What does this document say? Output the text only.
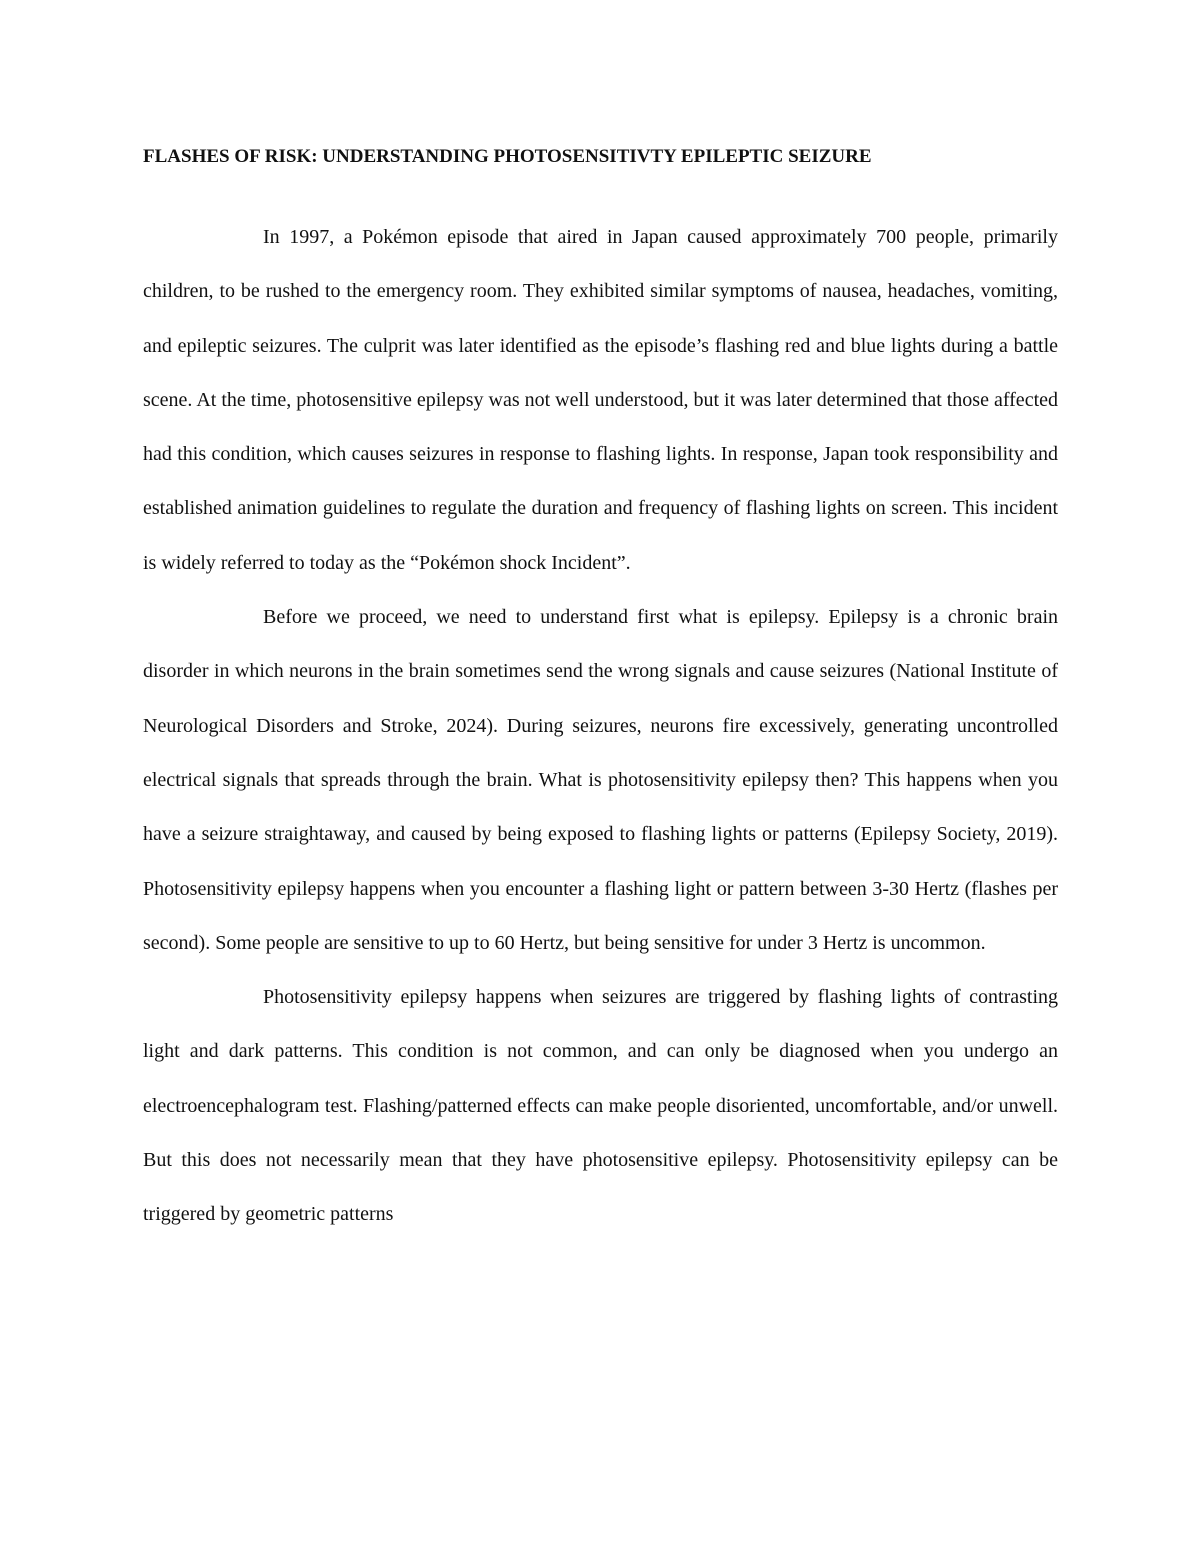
FLASHES OF RISK: UNDERSTANDING PHOTOSENSITIVTY EPILEPTIC SEIZURE

In 1997, a Pokémon episode that aired in Japan caused approximately 700 people, primarily children, to be rushed to the emergency room. They exhibited similar symptoms of nausea, headaches, vomiting, and epileptic seizures. The culprit was later identified as the episode’s flashing red and blue lights during a battle scene. At the time, photosensitive epilepsy was not well understood, but it was later determined that those affected had this condition, which causes seizures in response to flashing lights. In response, Japan took responsibility and established animation guidelines to regulate the duration and frequency of flashing lights on screen. This incident is widely referred to today as the “Pokémon shock Incident”.

Before we proceed, we need to understand first what is epilepsy. Epilepsy is a chronic brain disorder in which neurons in the brain sometimes send the wrong signals and cause seizures (National Institute of Neurological Disorders and Stroke, 2024). During seizures, neurons fire excessively, generating uncontrolled electrical signals that spreads through the brain. What is photosensitivity epilepsy then? This happens when you have a seizure straightaway, and caused by being exposed to flashing lights or patterns (Epilepsy Society, 2019). Photosensitivity epilepsy happens when you encounter a flashing light or pattern between 3-30 Hertz (flashes per second). Some people are sensitive to up to 60 Hertz, but being sensitive for under 3 Hertz is uncommon.

Photosensitivity epilepsy happens when seizures are triggered by flashing lights of contrasting light and dark patterns. This condition is not common, and can only be diagnosed when you undergo an electroencephalogram test. Flashing/patterned effects can make people disoriented, uncomfortable, and/or unwell. But this does not necessarily mean that they have photosensitive epilepsy. Photosensitivity epilepsy can be triggered by geometric patterns
